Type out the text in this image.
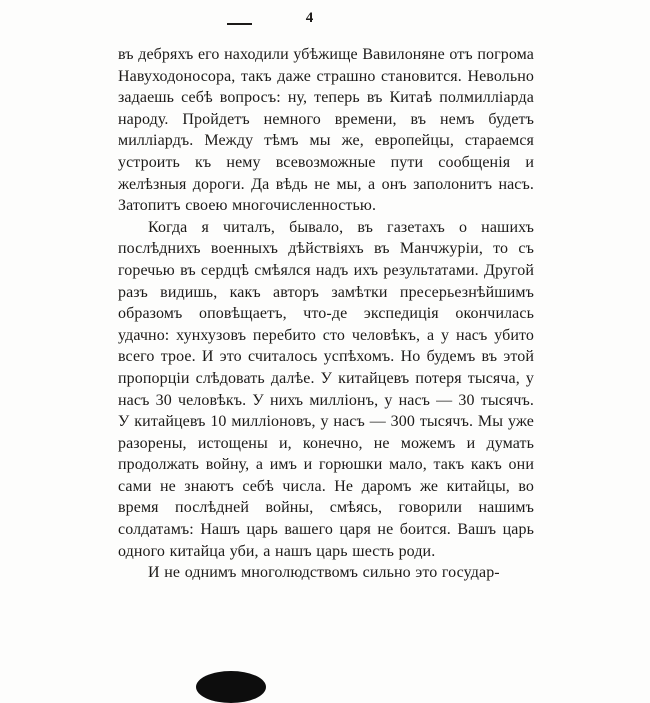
4

въ дебряхъ его находили убѣжище Вавилоняне отъ погрома Навуходоносора, такъ даже страшно становится. Невольно задаешь себѣ вопросъ: ну, теперь въ Китаѣ полмилліарда народу. Пройдетъ немного времени, въ немъ будетъ милліардъ. Между тѣмъ мы же, европейцы, стараемся устроить къ нему всевозможные пути сообщенія и желѣзныя дороги. Да вѣдь не мы, а онъ заполонитъ насъ. Затопитъ своею многочисленностью.

Когда я читалъ, бывало, въ газетахъ о нашихъ послѣднихъ военныхъ дѣйствіяхъ въ Манчжуріи, то съ горечью въ сердцѣ смѣялся надъ ихъ результатами. Другой разъ видишь, какъ авторъ замѣтки пресерьезнѣйшимъ образомъ оповѣщаетъ, что-де экспедиція окончилась удачно: хунхузовъ перебито сто человѣкъ, а у насъ убито всего трое. И это считалось успѣхомъ. Но будемъ въ этой пропорціи слѣдовать далѣе. У китайцевъ потеря тысяча, у насъ 30 человѣкъ. У нихъ милліонъ, у насъ — 30 тысячъ. У китайцевъ 10 милліоновъ, у насъ — 300 тысячъ. Мы уже разорены, истощены и, конечно, не можемъ и думать продолжать войну, а имъ и горюшки мало, такъ какъ они сами не знаютъ себѣ числа. Не даромъ же китайцы, во время послѣдней войны, смѣясь, говорили нашимъ солдатамъ: Нашъ царь вашего царя не боится. Вашъ царь одного китайца уби, а нашъ царь шесть роди.

И не однимъ многолюдствомъ сильно это государ-
